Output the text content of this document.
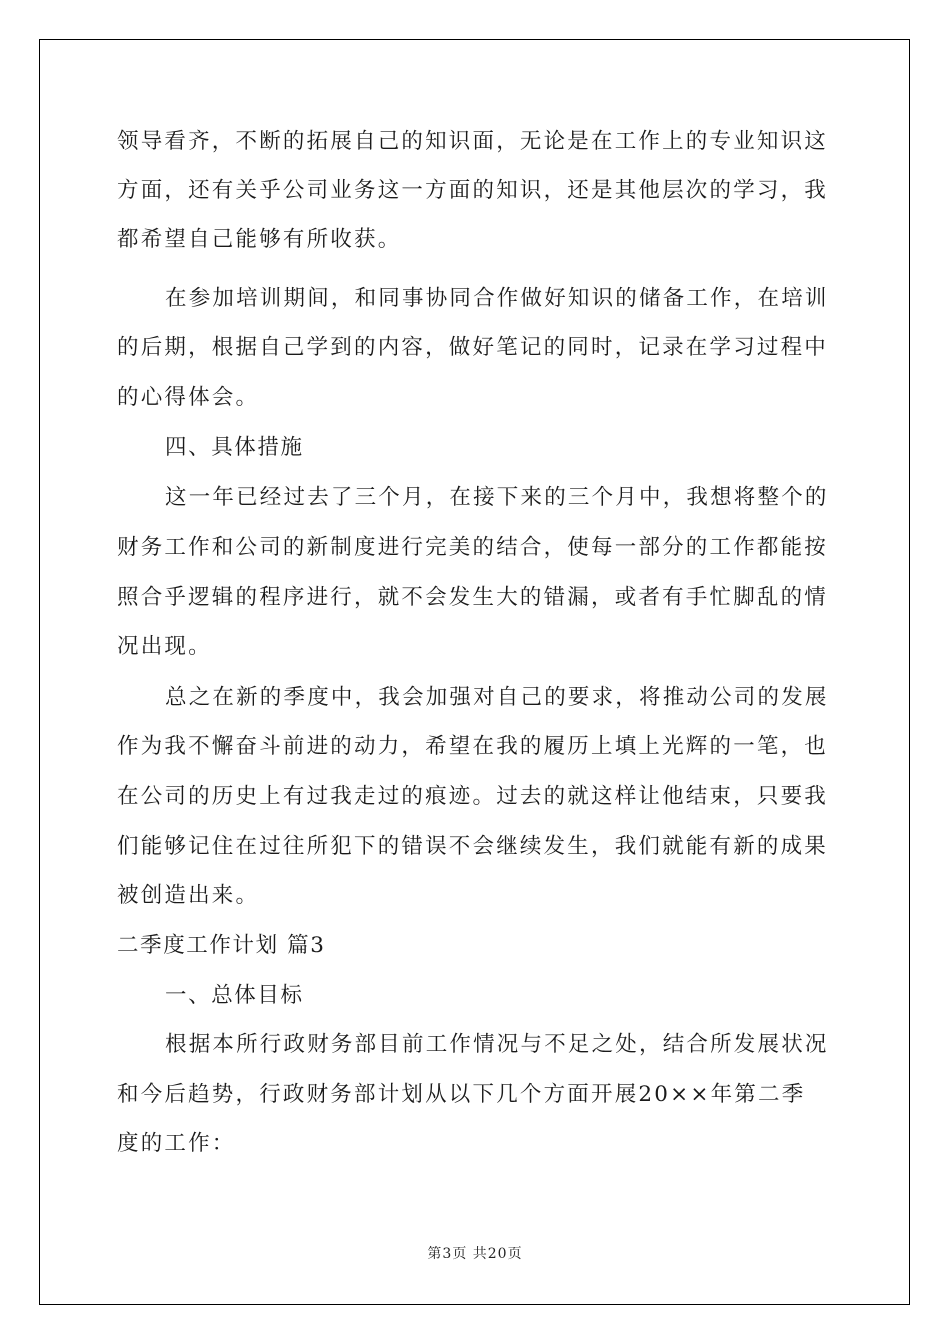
领导看齐，不断的拓展自己的知识面，无论是在工作上的专业知识这
方面，还有关乎公司业务这一方面的知识，还是其他层次的学习，我
都希望自己能够有所收获。
在参加培训期间，和同事协同合作做好知识的储备工作，在培训
的后期，根据自己学到的内容，做好笔记的同时，记录在学习过程中
的心得体会。
四、具体措施
这一年已经过去了三个月，在接下来的三个月中，我想将整个的
财务工作和公司的新制度进行完美的结合，使每一部分的工作都能按
照合乎逻辑的程序进行，就不会发生大的错漏，或者有手忙脚乱的情
况出现。
总之在新的季度中，我会加强对自己的要求，将推动公司的发展
作为我不懈奋斗前进的动力，希望在我的履历上填上光辉的一笔，也
在公司的历史上有过我走过的痕迹。过去的就这样让他结束，只要我
们能够记住在过往所犯下的错误不会继续发生，我们就能有新的成果
被创造出来。
二季度工作计划 篇3
一、总体目标
根据本所行政财务部目前工作情况与不足之处，结合所发展状况
和今后趋势，行政财务部计划从以下几个方面开展20××年第二季
度的工作：
第3页 共20页
